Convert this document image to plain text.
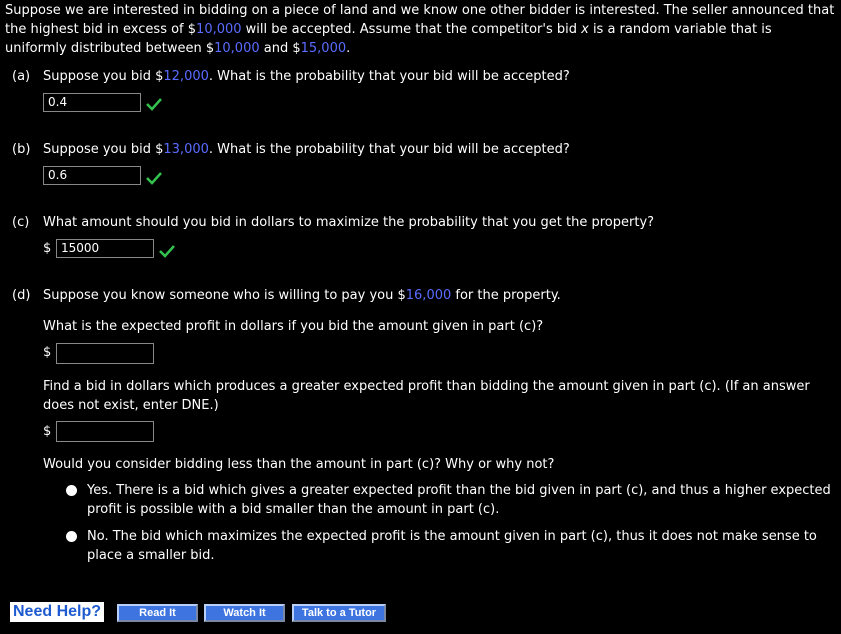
Suppose we are interested in bidding on a piece of land and we know one other bidder is interested. The seller announced that the highest bid in excess of $10,000 will be accepted. Assume that the competitor's bid x is a random variable that is uniformly distributed between $10,000 and $15,000.
(a) Suppose you bid $12,000. What is the probability that your bid will be accepted?
0.4
(b) Suppose you bid $13,000. What is the probability that your bid will be accepted?
0.6
(c) What amount should you bid in dollars to maximize the probability that you get the property?
$ 15000
(d) Suppose you know someone who is willing to pay you $16,000 for the property.
What is the expected profit in dollars if you bid the amount given in part (c)?
$
Find a bid in dollars which produces a greater expected profit than bidding the amount given in part (c). (If an answer does not exist, enter DNE.)
$
Would you consider bidding less than the amount in part (c)? Why or why not?
Yes. There is a bid which gives a greater expected profit than the bid given in part (c), and thus a higher expected profit is possible with a bid smaller than the amount in part (c).
No. The bid which maximizes the expected profit is the amount given in part (c), thus it does not make sense to place a smaller bid.
Need Help?	Read It	Watch It	Talk to a Tutor
